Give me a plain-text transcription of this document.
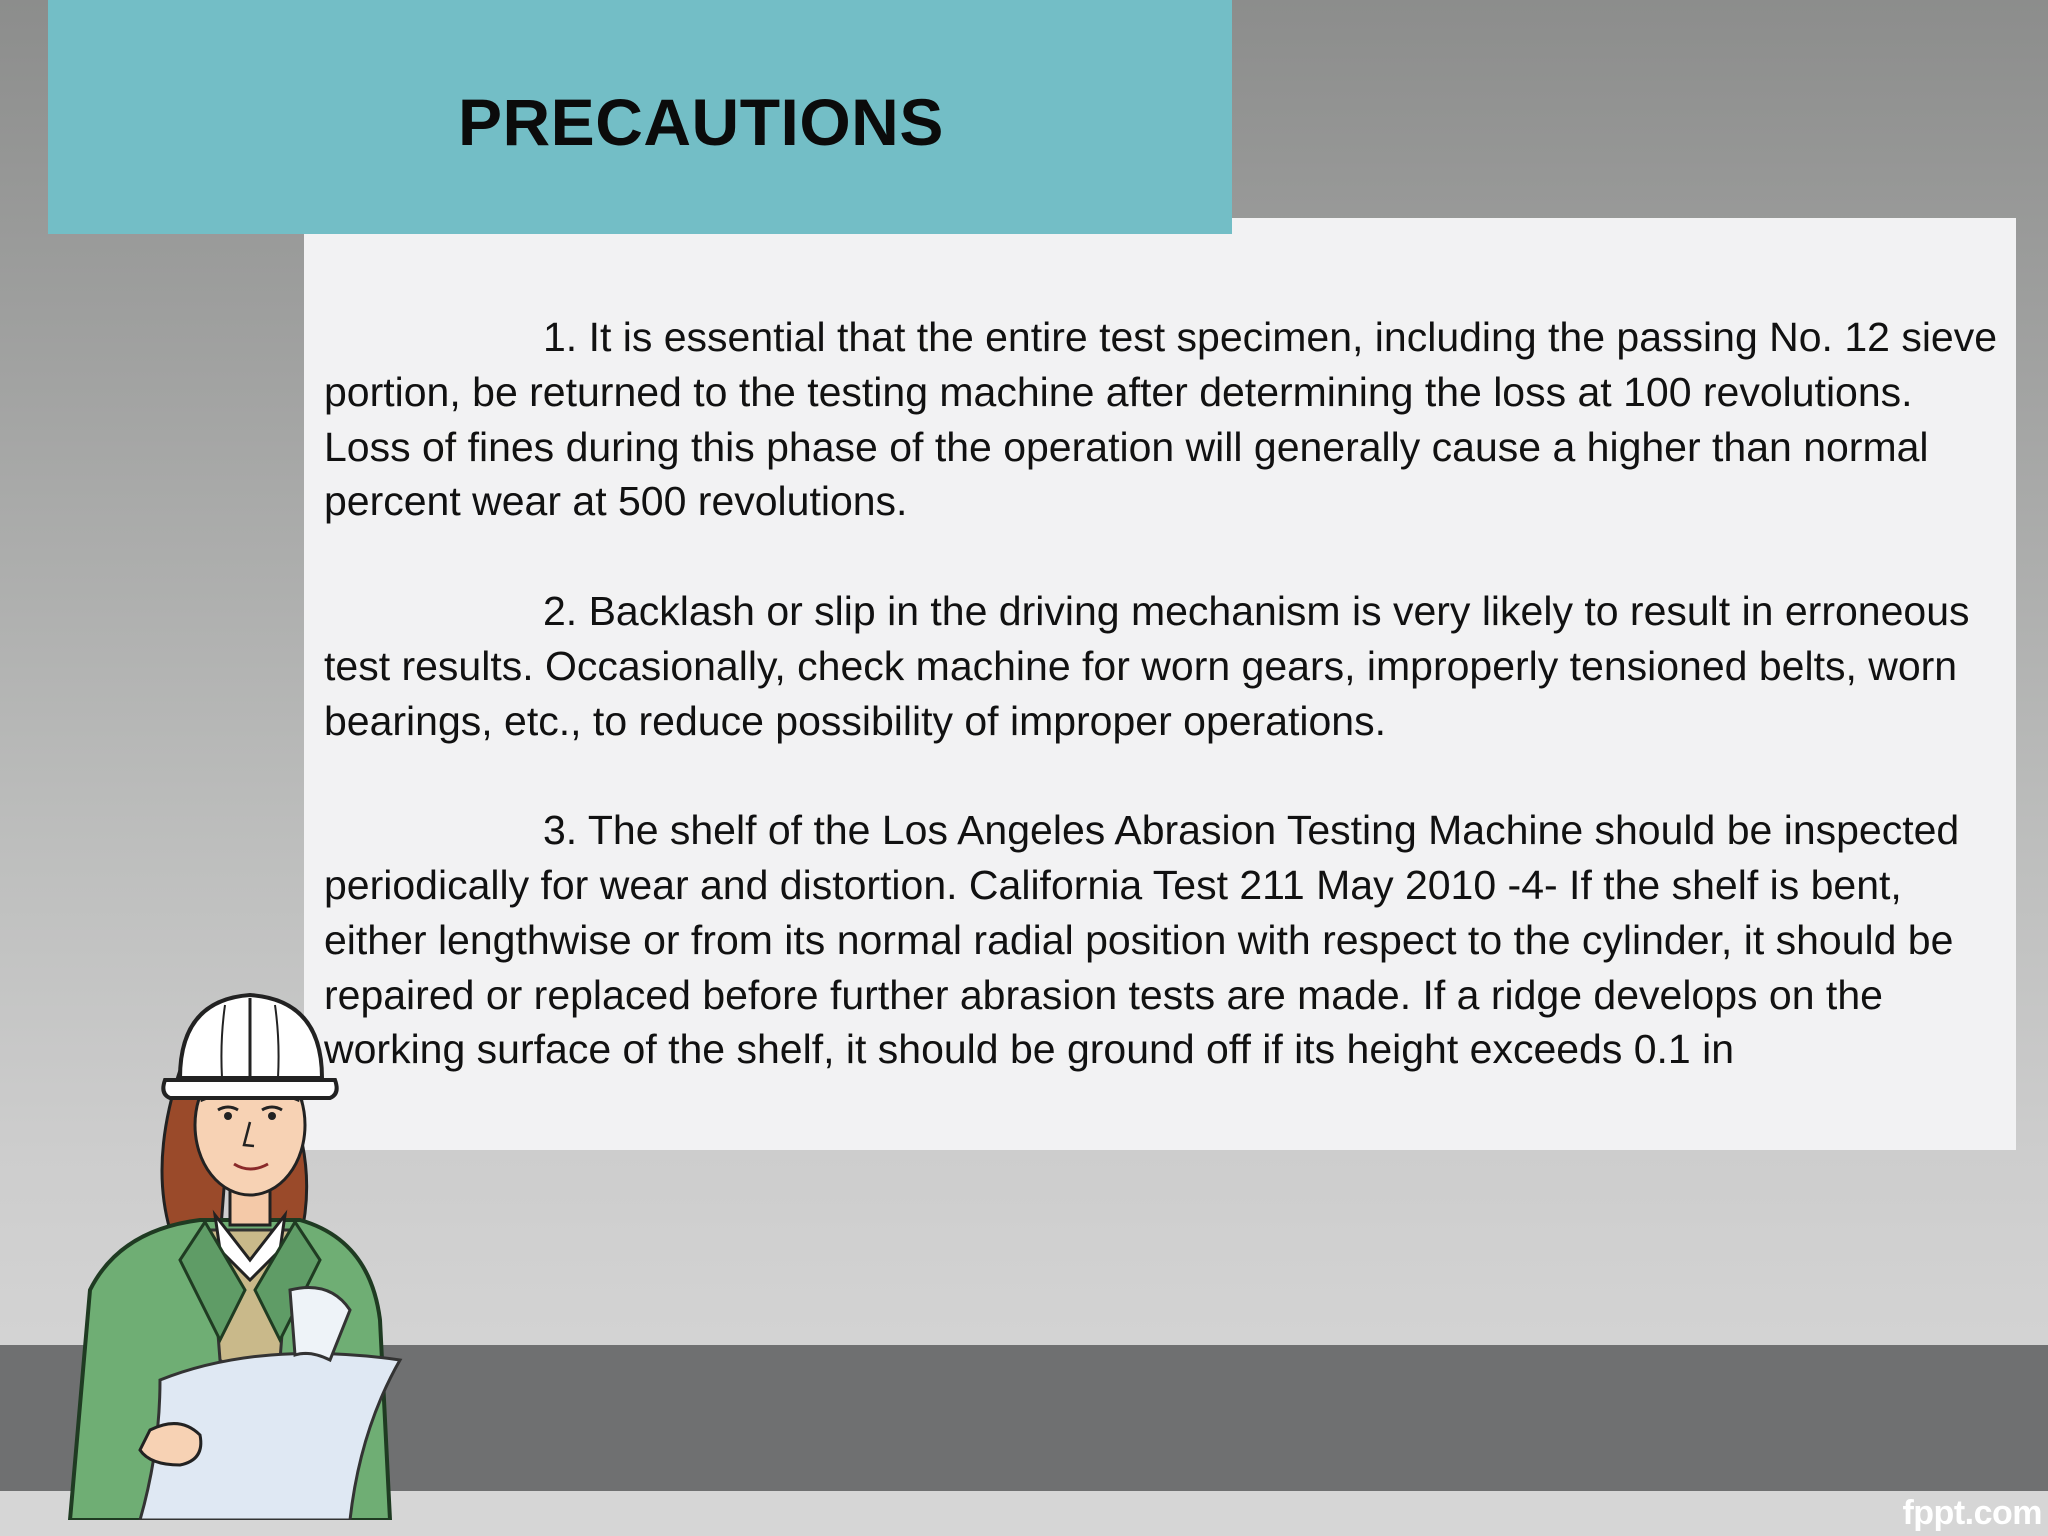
PRECAUTIONS

1. It is essential that the entire test specimen, including the passing No. 12 sieve portion, be returned to the testing machine after determining the loss at 100 revolutions. Loss of fines during this phase of the operation will generally cause a higher than normal percent wear at 500 revolutions.

2. Backlash or slip in the driving mechanism is very likely to result in erroneous test results. Occasionally, check machine for worn gears, improperly tensioned belts, worn bearings, etc., to reduce possibility of improper operations.

3. The shelf of the Los Angeles Abrasion Testing Machine should be inspected periodically for wear and distortion. California Test 211 May 2010 -4- If the shelf is bent, either lengthwise or from its normal radial position with respect to the cylinder, it should be repaired or replaced before further abrasion tests are made. If a ridge develops on the working surface of the shelf, it should be ground off if its height exceeds 0.1 in

fppt.com
